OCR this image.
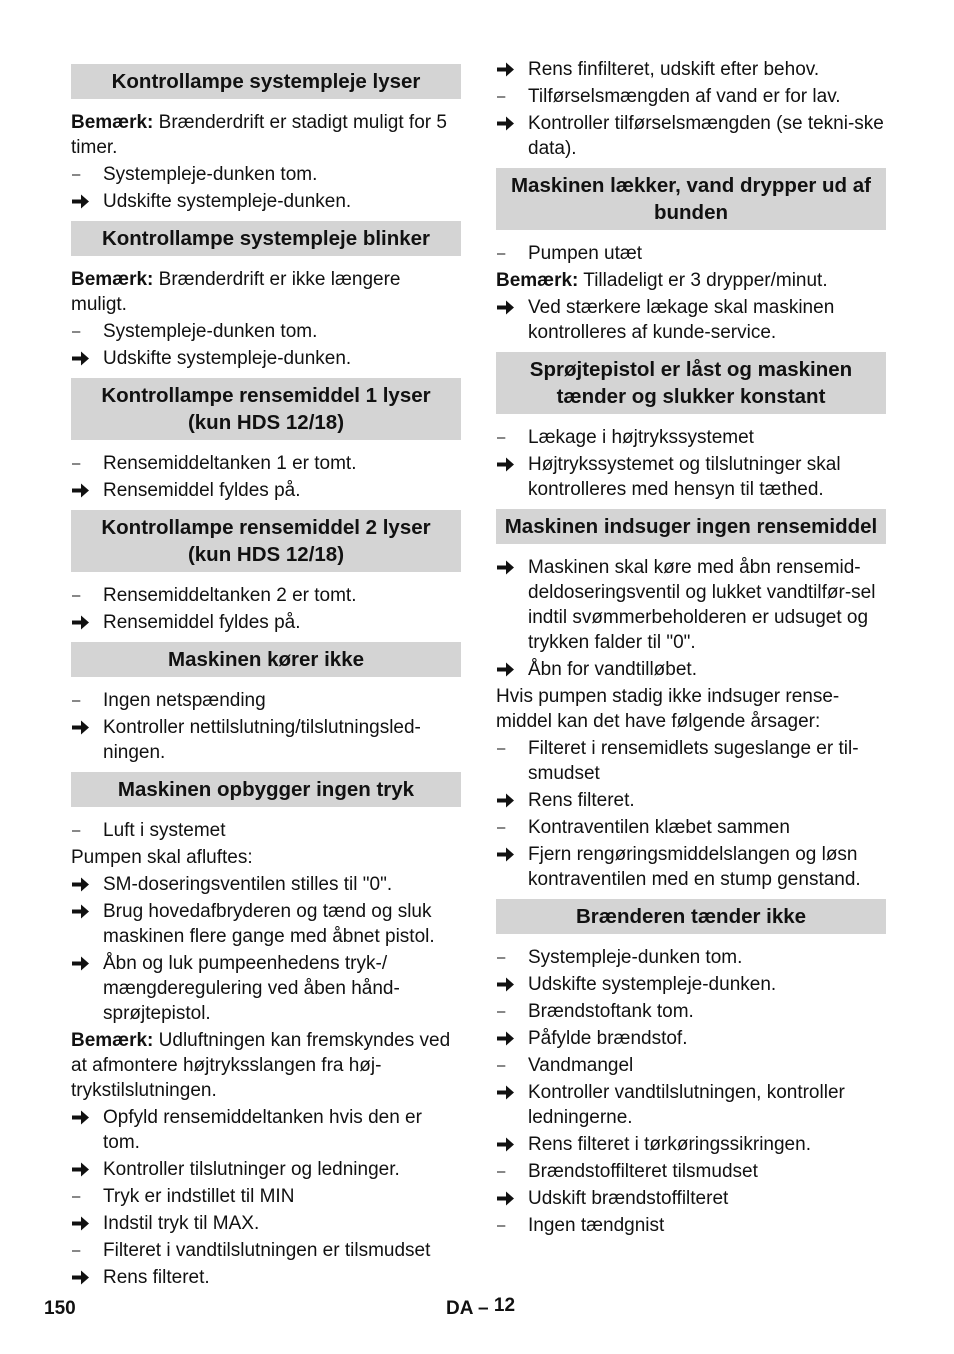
Kontrollampe systempleje lyser
Bemærk: Brænderdrift er stadigt muligt for 5 timer.
–	Systempleje-dunken tom.
Udskifte systempleje-dunken.
Kontrollampe systempleje blinker
Bemærk: Brænderdrift er ikke længere muligt.
–	Systempleje-dunken tom.
Udskifte systempleje-dunken.
Kontrollampe rensemiddel 1 lyser (kun HDS 12/18)
–	Rensemiddeltanken 1 er tomt.
Rensemiddel fyldes på.
Kontrollampe rensemiddel 2 lyser (kun HDS 12/18)
–	Rensemiddeltanken 2 er tomt.
Rensemiddel fyldes på.
Maskinen kører ikke
–	Ingen netspænding
Kontroller nettilslutning/tilslutningsled-ningen.
Maskinen opbygger ingen tryk
–	Luft i systemet
Pumpen skal afluftes:
SM-doseringsventilen stilles til "0".
Brug hovedafbryderen og tænd og sluk maskinen flere gange med åbnet pistol.
Åbn og luk pumpeenhedens tryk-/ mængderegulering ved åben hånd-sprøjtepistol.
Bemærk: Udluftningen kan fremskyndes ved at afmontere højtryksslangen fra høj-trykstilslutningen.
Opfyld rensemiddeltanken hvis den er tom.
Kontroller tilslutninger og ledninger.
–	Tryk er indstillet til MIN
Indstil tryk til MAX.
–	Filteret i vandtilslutningen er tilsmudset
Rens filteret.
Rens finfilteret, udskift efter behov.
–	Tilførselsmængden af vand er for lav.
Kontroller tilførselsmængden (se tekni-ske data).
Maskinen lækker, vand drypper ud af bunden
–	Pumpen utæt
Bemærk: Tilladeligt er 3 drypper/minut.
Ved stærkere lækage skal maskinen kontrolleres af kunde-service.
Sprøjtepistol er låst og maskinen tænder og slukker konstant
–	Lækage i højtrykssystemet
Højtrykssystemet og tilslutninger skal kontrolleres med hensyn til tæthed.
Maskinen indsuger ingen rensemiddel
Maskinen skal køre med åbn rensemid-deldoseringsventil og lukket vandtilfør-sel indtil svømmerbeholderen er udsuget og trykken falder til "0".
Åbn for vandtilløbet.
Hvis pumpen stadig ikke indsuger rense-middel kan det have følgende årsager:
–	Filteret i rensemidlets sugeslange er til-smudset
Rens filteret.
–	Kontraventilen klæbet sammen
Fjern rengøringsmiddelslangen og løsn kontraventilen med en stump genstand.
Brænderen tænder ikke
–	Systempleje-dunken tom.
Udskifte systempleje-dunken.
–	Brændstoftank tom.
Påfylde brændstof.
–	Vandmangel
Kontroller vandtilslutningen, kontroller ledningerne.
Rens filteret i tørkøringssikringen.
–	Brændstoffilteret tilsmudset
Udskift brændstoffilteret
–	Ingen tændgnist
150	DA – 12
